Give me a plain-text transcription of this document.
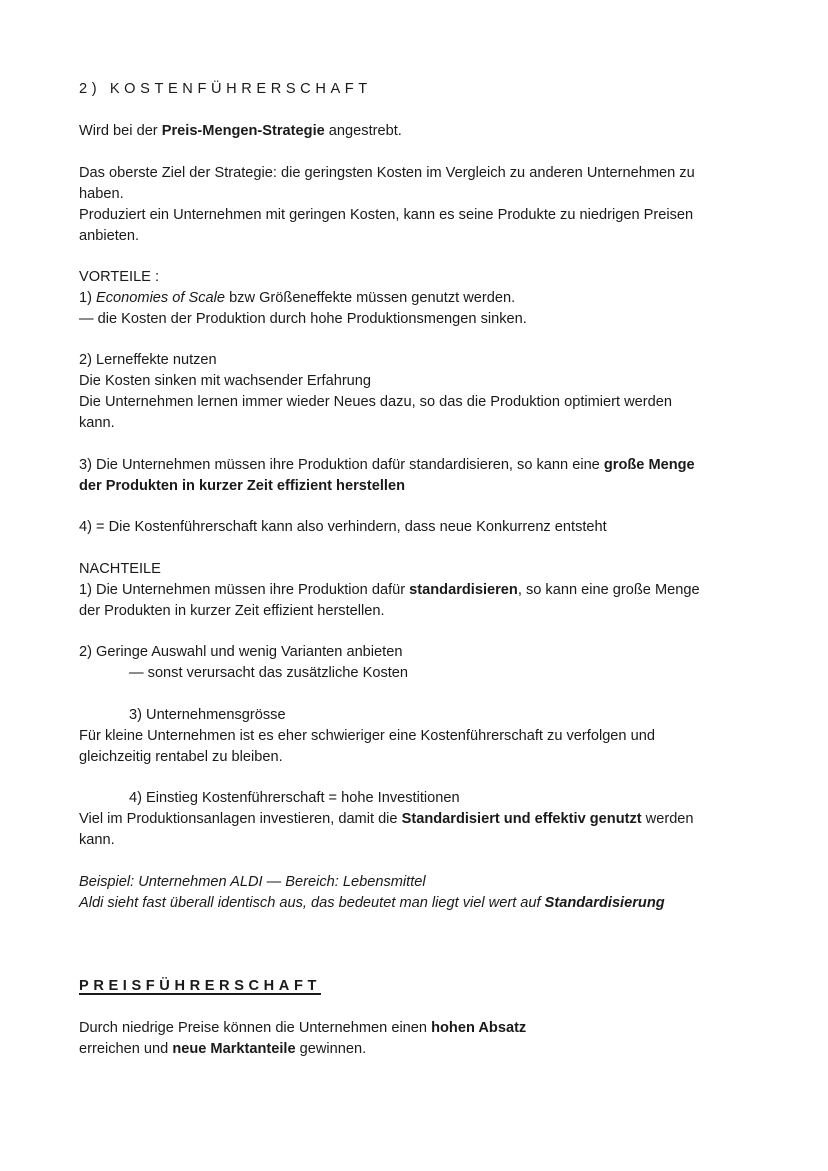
2) KOSTENFÜHRERSCHAFT
Wird bei der Preis-Mengen-Strategie angestrebt.
Das oberste Ziel der Strategie: die geringsten Kosten im Vergleich zu anderen Unternehmen zu
haben.
Produziert ein Unternehmen mit geringen Kosten, kann es seine Produkte zu niedrigen Preisen
anbieten.
VORTEILE :
1) Economies of Scale bzw Größeneffekte müssen genutzt werden.
— die Kosten der Produktion durch hohe Produktionsmengen sinken.
2) Lerneffekte nutzen
Die Kosten sinken mit wachsender Erfahrung
Die Unternehmen lernen immer wieder Neues dazu, so das die Produktion optimiert werden
kann.
3) Die Unternehmen müssen ihre Produktion dafür standardisieren, so kann eine große Menge
der Produkten in kurzer Zeit effizient herstellen
4) = Die Kostenführerschaft kann also verhindern, dass neue Konkurrenz entsteht
NACHTEILE
1) Die Unternehmen müssen ihre Produktion dafür standardisieren, so kann eine große Menge
der Produkten in kurzer Zeit effizient herstellen.
2) Geringe Auswahl und wenig Varianten anbieten
— sonst verursacht das zusätzliche Kosten
3) Unternehmensgrösse
Für kleine Unternehmen ist es eher schwieriger eine Kostenführerschaft zu verfolgen und
gleichzeitig rentabel zu bleiben.
4) Einstieg Kostenführerschaft = hohe Investitionen
Viel im Produktionsanlagen investieren, damit die Standardisiert und effektiv genutzt werden
kann.
Beispiel: Unternehmen ALDI — Bereich: Lebensmittel
Aldi sieht fast überall identisch aus, das bedeutet man liegt viel wert auf Standardisierung
PREISFÜHRERSCHAFT
Durch niedrige Preise können die Unternehmen einen hohen Absatz
erreichen und neue Marktanteile gewinnen.
